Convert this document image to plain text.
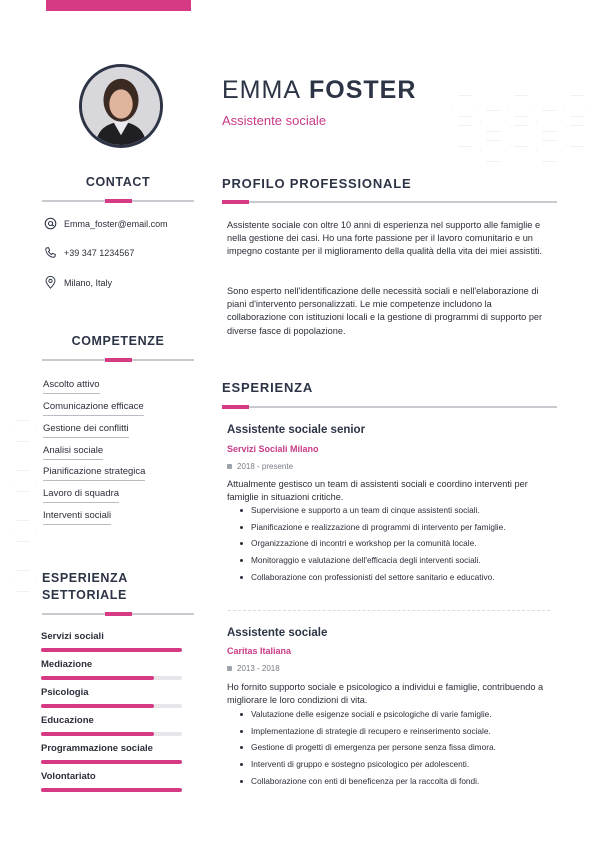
EMMA FOSTER
Assistente sociale
CONTACT
Emma_foster@email.com
+39 347 1234567
Milano, Italy
COMPETENZE
Ascolto attivo
Comunicazione efficace
Gestione dei conflitti
Analisi sociale
Pianificazione strategica
Lavoro di squadra
Interventi sociali
ESPERIENZA
SETTORIALE
Servizi sociali
Mediazione
Psicologia
Educazione
Programmazione sociale
Volontariato
PROFILO PROFESSIONALE
Assistente sociale con oltre 10 anni di esperienza nel supporto alle famiglie e nella gestione dei casi. Ho una forte passione per il lavoro comunitario e un impegno costante per il miglioramento della qualità della vita dei miei assistiti.
Sono esperto nell'identificazione delle necessità sociali e nell'elaborazione di piani d'intervento personalizzati. Le mie competenze includono la collaborazione con istituzioni locali e la gestione di programmi di supporto per diverse fasce di popolazione.
ESPERIENZA
Assistente sociale senior
Servizi Sociali Milano
2018 - presente
Attualmente gestisco un team di assistenti sociali e coordino interventi per famiglie in situazioni critiche.
Supervisione e supporto a un team di cinque assistenti sociali.
Pianificazione e realizzazione di programmi di intervento per famiglie.
Organizzazione di incontri e workshop per la comunità locale.
Monitoraggio e valutazione dell'efficacia degli interventi sociali.
Collaborazione con professionisti del settore sanitario e educativo.
Assistente sociale
Caritas Italiana
2013 - 2018
Ho fornito supporto sociale e psicologico a individui e famiglie, contribuendo a migliorare le loro condizioni di vita.
Valutazione delle esigenze sociali e psicologiche di varie famiglie.
Implementazione di strategie di recupero e reinserimento sociale.
Gestione di progetti di emergenza per persone senza fissa dimora.
Interventi di gruppo e sostegno psicologico per adolescenti.
Collaborazione con enti di beneficenza per la raccolta di fondi.
